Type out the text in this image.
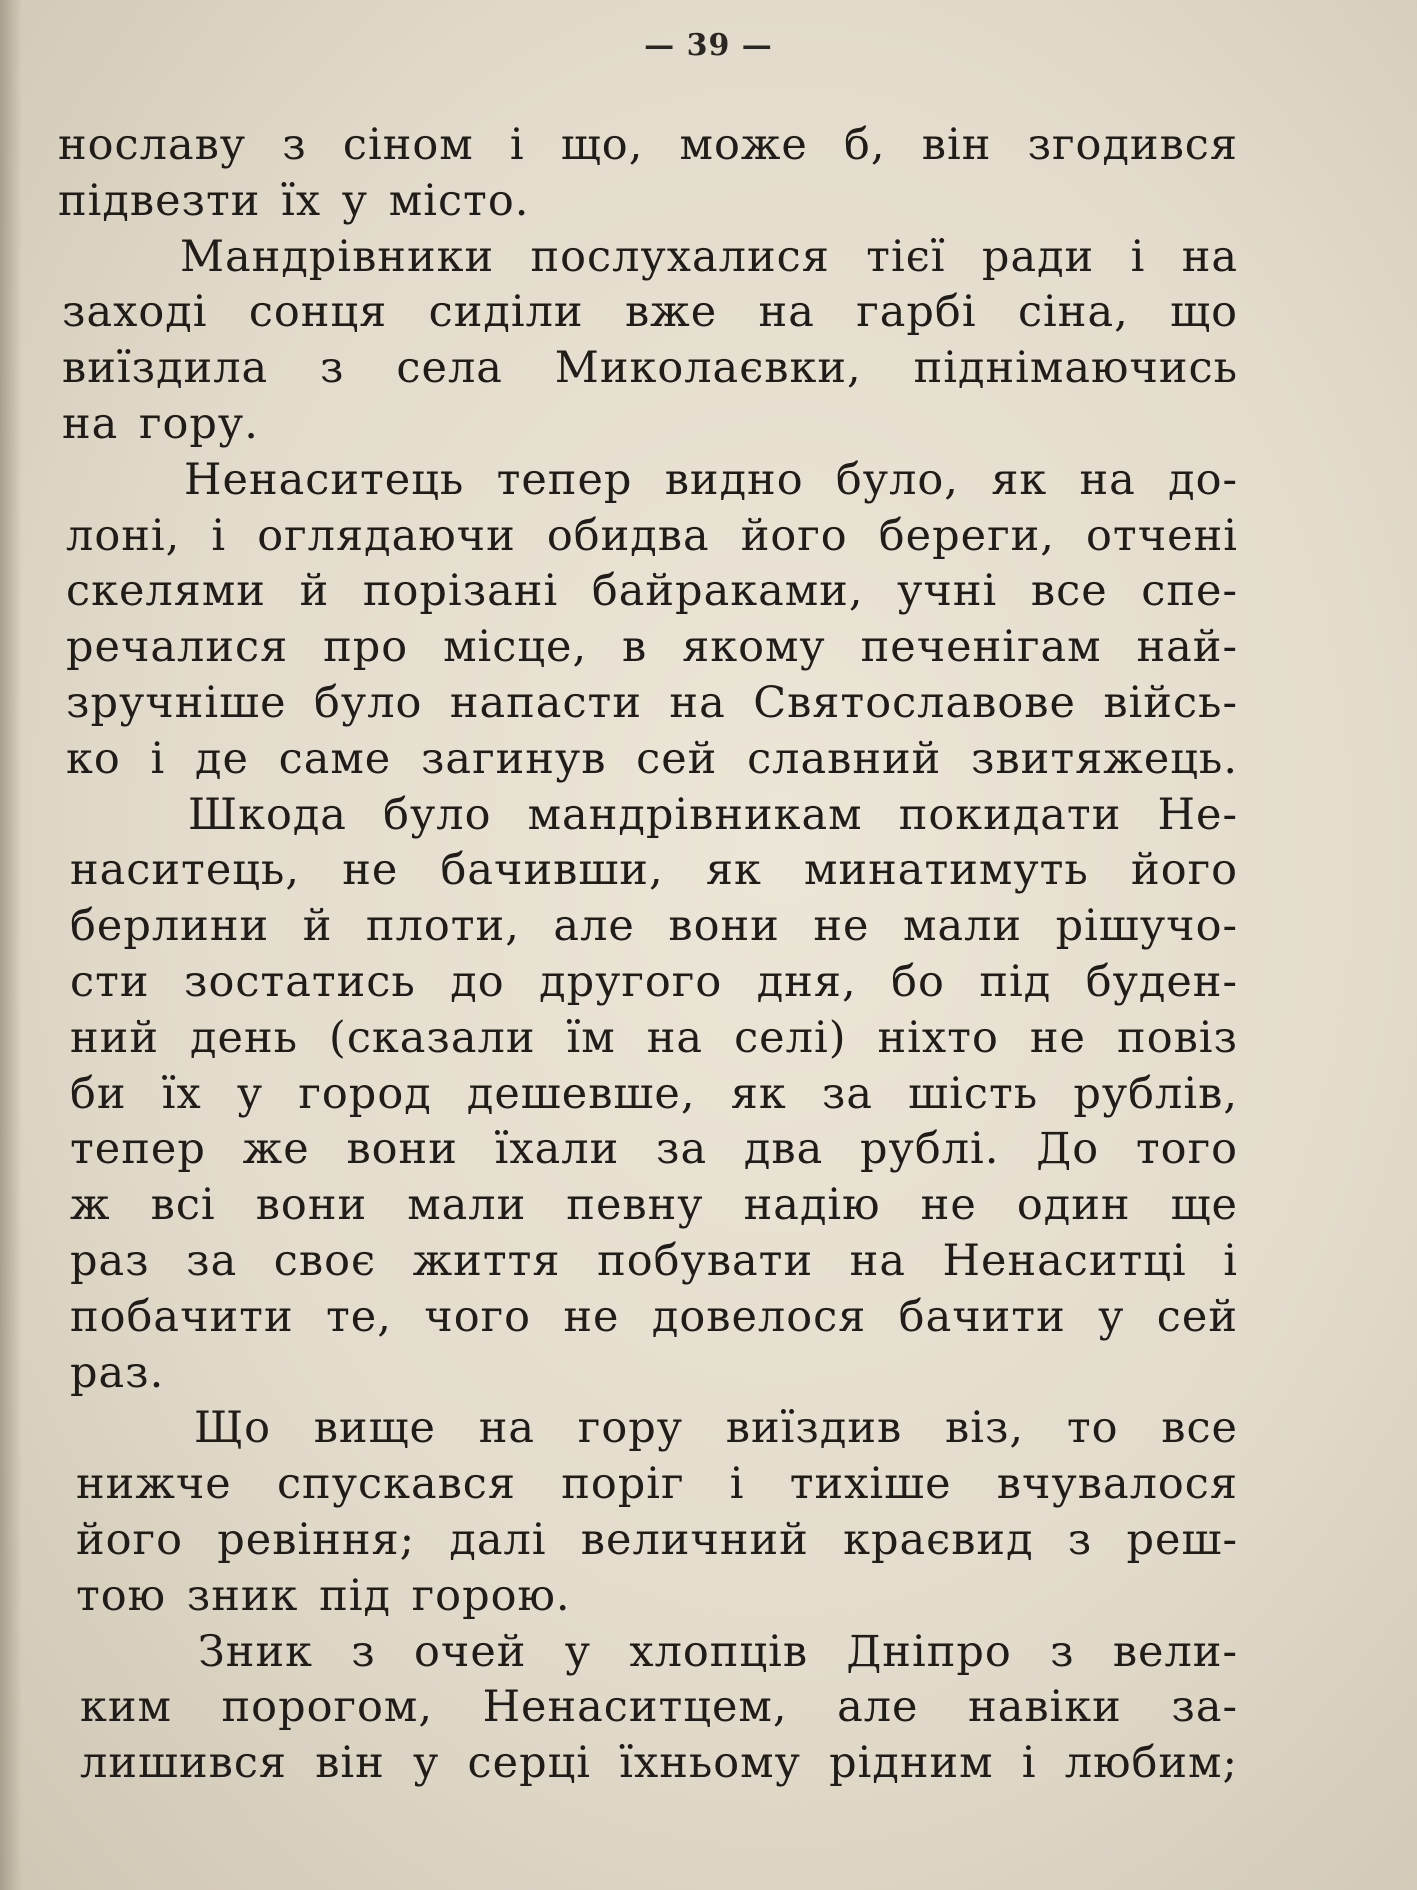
— 39 —
нославу з сіном і що, може б, він згодився
підвезти їх у місто.
Мандрівники послухалися тієї ради і на
заході сонця сиділи вже на гарбі сіна, що
виїздила з села Миколаєвки, піднімаючись
на гору.
Ненаситець тепер видно було, як на до-
лоні, і оглядаючи обидва його береги, отчені
скелями й порізані байраками, учні все спе-
речалися про місце, в якому печенігам най-
зручніше було напасти на Святославове війсь-
ко і де саме загинув сей славний звитяжець.
Шкода було мандрівникам покидати Не-
наситець, не бачивши, як минатимуть його
берлини й плоти, але вони не мали рішучо-
сти зостатись до другого дня, бо під буден-
ний день (сказали їм на селі) ніхто не повіз
би їх у город дешевше, як за шість рублів,
тепер же вони їхали за два рублі. До того
ж всі вони мали певну надію не один ще
раз за своє життя побувати на Ненаситці і
побачити те, чого не довелося бачити у сей
раз.
Що вище на гору виїздив віз, то все
нижче спускався поріг і тихіше вчувалося
його ревіння; далі величний краєвид з реш-
тою зник під горою.
Зник з очей у хлопців Дніпро з вели-
ким порогом, Ненаситцем, але навіки за-
лишився він у серці їхньому рідним і любим;
